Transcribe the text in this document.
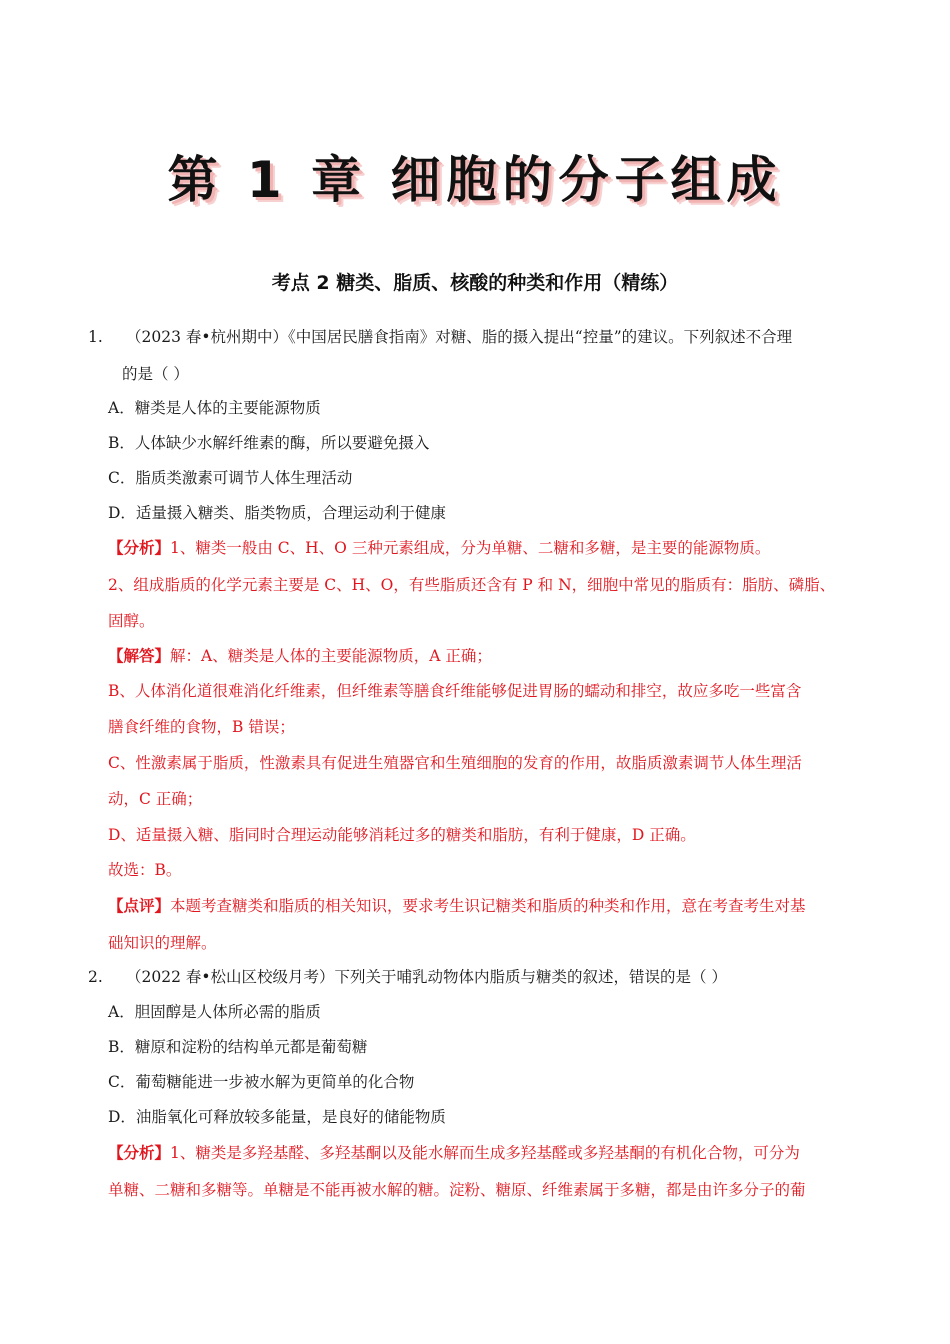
第 1 章 细胞的分子组成
考点 2 糖类、脂质、核酸的种类和作用（精练）
1. （2023 春•杭州期中）《中国居民膳食指南》对糖、脂的摄入提出“控量”的建议。下列叙述不合理
的是（ ）
A．糖类是人体的主要能源物质
B．人体缺少水解纤维素的酶，所以要避免摄入
C．脂质类激素可调节人体生理活动
D．适量摄入糖类、脂类物质，合理运动利于健康
【分析】1、糖类一般由 C、H、O 三种元素组成，分为单糖、二糖和多糖，是主要的能源物质。
2、组成脂质的化学元素主要是 C、H、O，有些脂质还含有 P 和 N，细胞中常见的脂质有：脂肪、磷脂、
固醇。
【解答】解：A、糖类是人体的主要能源物质，A 正确；
B、人体消化道很难消化纤维素，但纤维素等膳食纤维能够促进胃肠的蠕动和排空，故应多吃一些富含
膳食纤维的食物，B 错误；
C、性激素属于脂质，性激素具有促进生殖器官和生殖细胞的发育的作用，故脂质激素调节人体生理活
动，C 正确；
D、适量摄入糖、脂同时合理运动能够消耗过多的糖类和脂肪，有利于健康，D 正确。
故选：B。
【点评】本题考查糖类和脂质的相关知识，要求考生识记糖类和脂质的种类和作用，意在考查考生对基
础知识的理解。
2. （2022 春•松山区校级月考）下列关于哺乳动物体内脂质与糖类的叙述，错误的是（ ）
A．胆固醇是人体所必需的脂质
B．糖原和淀粉的结构单元都是葡萄糖
C．葡萄糖能进一步被水解为更简单的化合物
D．油脂氧化可释放较多能量，是良好的储能物质
【分析】1、糖类是多羟基醛、多羟基酮以及能水解而生成多羟基醛或多羟基酮的有机化合物，可分为
单糖、二糖和多糖等。单糖是不能再被水解的糖。淀粉、糖原、纤维素属于多糖，都是由许多分子的葡
